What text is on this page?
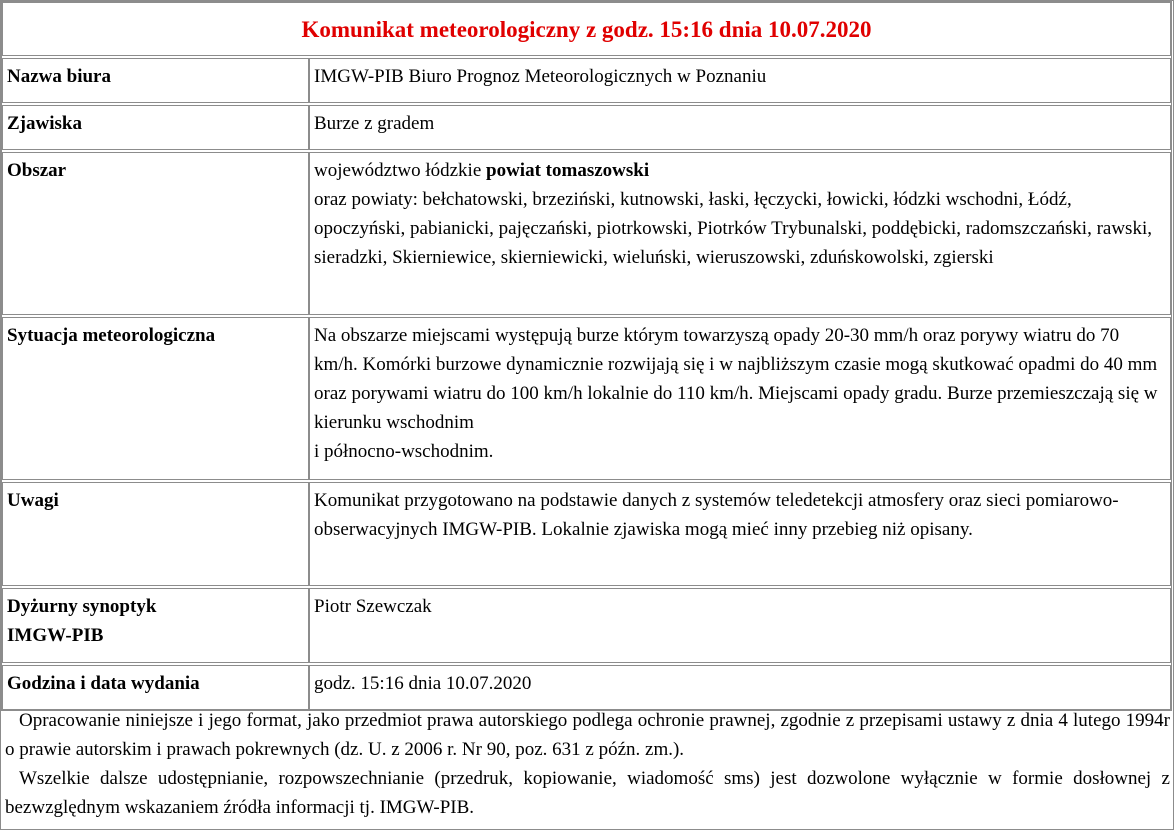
Komunikat meteorologiczny z godz. 15:16 dnia 10.07.2020	

Nazwa biura	IMGW-PIB Biuro Prognoz Meteorologicznych w Poznaniu

Zjawiska	Burze z gradem

Obszar	województwo łódzkie powiat tomaszowski
oraz powiaty: bełchatowski, brzeziński, kutnowski, łaski, łęczycki, łowicki, łódzki wschodni, Łódź, opoczyński, pabianicki, pajęczański, piotrkowski, Piotrków Trybunalski, poddębicki, radomszczański, rawski, sieradzki, Skierniewice, skierniewicki, wieluński, wieruszowski, zduńskowolski, zgierski

Sytuacja meteorologiczna	Na obszarze miejscami występują burze którym towarzyszą opady 20-30 mm/h oraz porywy wiatru do 70 km/h. Komórki burzowe dynamicznie rozwijają się i w najbliższym czasie mogą skutkować opadmi do 40 mm oraz porywami wiatru do 100 km/h lokalnie do 110 km/h. Miejscami opady gradu. Burze przemieszczają się w kierunku wschodnim
i północno-wschodnim.

Uwagi	Komunikat przygotowano na podstawie danych z systemów teledetekcji atmosfery oraz sieci pomiarowo-obserwacyjnych IMGW-PIB. Lokalnie zjawiska mogą mieć inny przebieg niż opisany.

Dyżurny synoptyk
IMGW-PIB	Piotr Szewczak

Godzina i data wydania	godz. 15:16 dnia 10.07.2020

Opracowanie niniejsze i jego format, jako przedmiot prawa autorskiego podlega ochronie prawnej, zgodnie z przepisami ustawy z dnia 4 lutego 1994r o prawie autorskim i prawach pokrewnych (dz. U. z 2006 r. Nr 90, poz. 631 z późn. zm.).

Wszelkie dalsze udostępnianie, rozpowszechnianie (przedruk, kopiowanie, wiadomość sms) jest dozwolone wyłącznie w formie dosłownej z bezwzględnym wskazaniem źródła informacji tj. IMGW-PIB.
